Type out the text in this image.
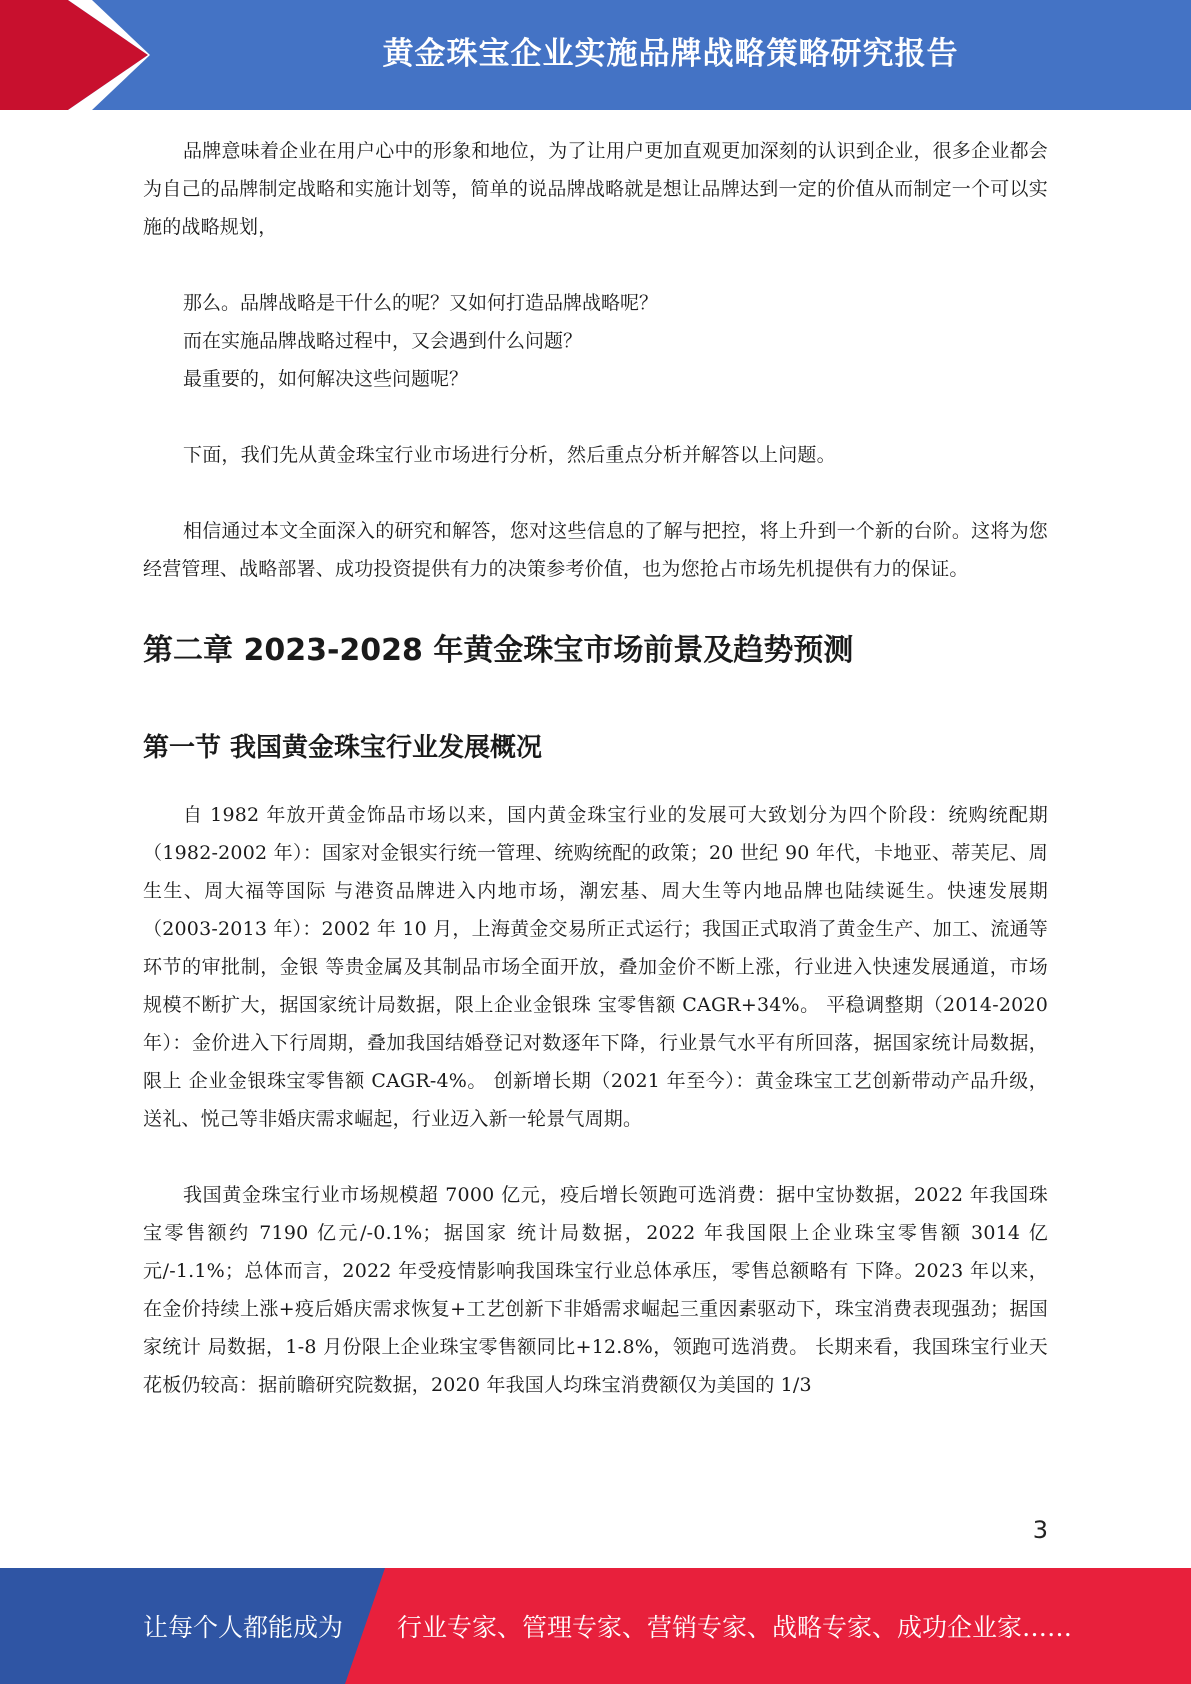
黄金珠宝企业实施品牌战略策略研究报告

品牌意味着企业在用户心中的形象和地位，为了让用户更加直观更加深刻的认识到企业，很多企业都会为自己的品牌制定战略和实施计划等，简单的说品牌战略就是想让品牌达到一定的价值从而制定一个可以实施的战略规划，

那么。品牌战略是干什么的呢？又如何打造品牌战略呢？

而在实施品牌战略过程中，又会遇到什么问题？

最重要的，如何解决这些问题呢？

下面，我们先从黄金珠宝行业市场进行分析，然后重点分析并解答以上问题。

相信通过本文全面深入的研究和解答，您对这些信息的了解与把控，将上升到一个新的台阶。这将为您经营管理、战略部署、成功投资提供有力的决策参考价值，也为您抢占市场先机提供有力的保证。

第二章 2023-2028 年黄金珠宝市场前景及趋势预测
第一节 我国黄金珠宝行业发展概况

自 1982 年放开黄金饰品市场以来，国内黄金珠宝行业的发展可大致划分为四个阶段：统购统配期（1982-2002 年）：国家对金银实行统一管理、统购统配的政策；20 世纪 90 年代，卡地亚、蒂芙尼、周生生、周大福等国际 与港资品牌进入内地市场，潮宏基、周大生等内地品牌也陆续诞生。快速发展期（2003-2013 年）：2002 年 10 月，上海黄金交易所正式运行；我国正式取消了黄金生产、加工、流通等环节的审批制，金银 等贵金属及其制品市场全面开放，叠加金价不断上涨，行业进入快速发展通道，市场规模不断扩大，据国家统计局数据，限上企业金银珠 宝零售额 CAGR+34%。 平稳调整期（2014-2020 年）：金价进入下行周期，叠加我国结婚登记对数逐年下降，行业景气水平有所回落，据国家统计局数据，限上 企业金银珠宝零售额 CAGR-4%。 创新增长期（2021 年至今）：黄金珠宝工艺创新带动产品升级，送礼、悦己等非婚庆需求崛起，行业迈入新一轮景气周期。

我国黄金珠宝行业市场规模超 7000 亿元，疫后增长领跑可选消费：据中宝协数据，2022 年我国珠宝零售额约 7190 亿元/-0.1%；据国家 统计局数据，2022 年我国限上企业珠宝零售额 3014 亿元/-1.1%；总体而言，2022 年受疫情影响我国珠宝行业总体承压，零售总额略有 下降。2023 年以来，在金价持续上涨+疫后婚庆需求恢复+工艺创新下非婚需求崛起三重因素驱动下，珠宝消费表现强劲；据国家统计 局数据，1-8 月份限上企业珠宝零售额同比+12.8%，领跑可选消费。 长期来看，我国珠宝行业天花板仍较高：据前瞻研究院数据，2020 年我国人均珠宝消费额仅为美国的 1/3

3
让每个人都能成为 行业专家、管理专家、营销专家、战略专家、成功企业家……
